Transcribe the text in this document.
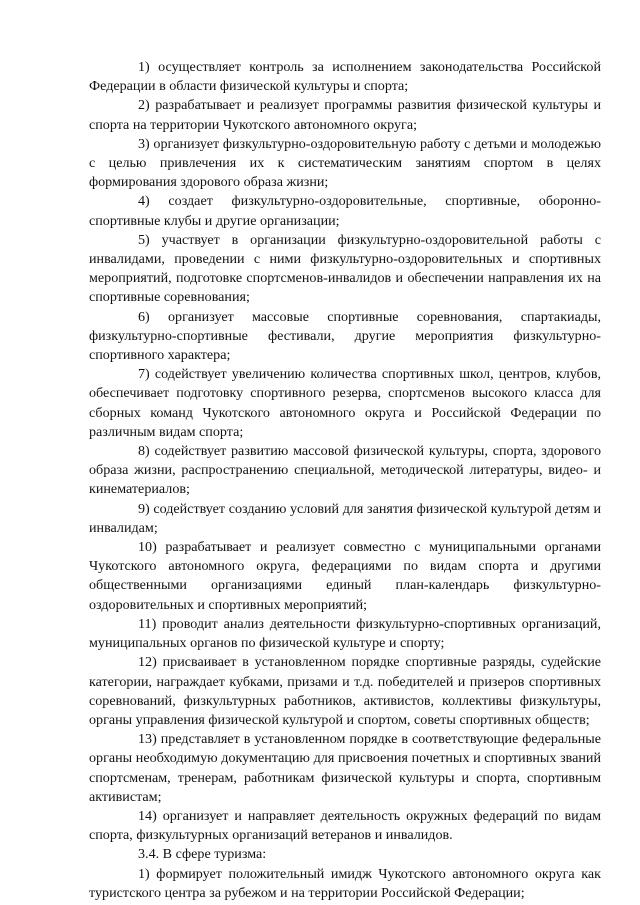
1) осуществляет контроль за исполнением законодательства Российской Федерации в области физической культуры и спорта;

2) разрабатывает и реализует программы развития физической культуры и спорта на территории Чукотского автономного округа;

3) организует физкультурно-оздоровительную работу с детьми и молодежью с целью привлечения их к систематическим занятиям спортом в целях формирования здорового образа жизни;

4) создает физкультурно-оздоровительные, спортивные, оборонно-спортивные клубы и другие организации;

5) участвует в организации физкультурно-оздоровительной работы с инвалидами, проведении с ними физкультурно-оздоровительных и спортивных мероприятий, подготовке спортсменов-инвалидов и обеспечении направления их на спортивные соревнования;

6) организует массовые спортивные соревнования, спартакиады, физкультурно-спортивные фестивали, другие мероприятия физкультурно-спортивного характера;

7) содействует увеличению количества спортивных школ, центров, клубов, обеспечивает подготовку спортивного резерва, спортсменов высокого класса для сборных команд Чукотского автономного округа и Российской Федерации по различным видам спорта;

8) содействует развитию массовой физической культуры, спорта, здорового образа жизни, распространению специальной, методической литературы, видео- и кинематериалов;

9) содействует созданию условий для занятия физической культурой детям и инвалидам;

10) разрабатывает и реализует совместно с муниципальными органами Чукотского автономного округа, федерациями по видам спорта и другими общественными организациями единый план-календарь физкультурно-оздоровительных и спортивных мероприятий;

11) проводит анализ деятельности физкультурно-спортивных организаций, муниципальных органов по физической культуре и спорту;

12) присваивает в установленном порядке спортивные разряды, судейские категории, награждает кубками, призами и т.д. победителей и призеров спортивных соревнований, физкультурных работников, активистов, коллективы физкультуры, органы управления физической культурой и спортом, советы спортивных обществ;

13) представляет в установленном порядке в соответствующие федеральные органы необходимую документацию для присвоения почетных и спортивных званий спортсменам, тренерам, работникам физической культуры и спорта, спортивным активистам;

14) организует и направляет деятельность окружных федераций по видам спорта, физкультурных организаций ветеранов и инвалидов.

3.4. В сфере туризма:

1) формирует положительный имидж Чукотского автономного округа как туристского центра за рубежом и на территории Российской Федерации;
